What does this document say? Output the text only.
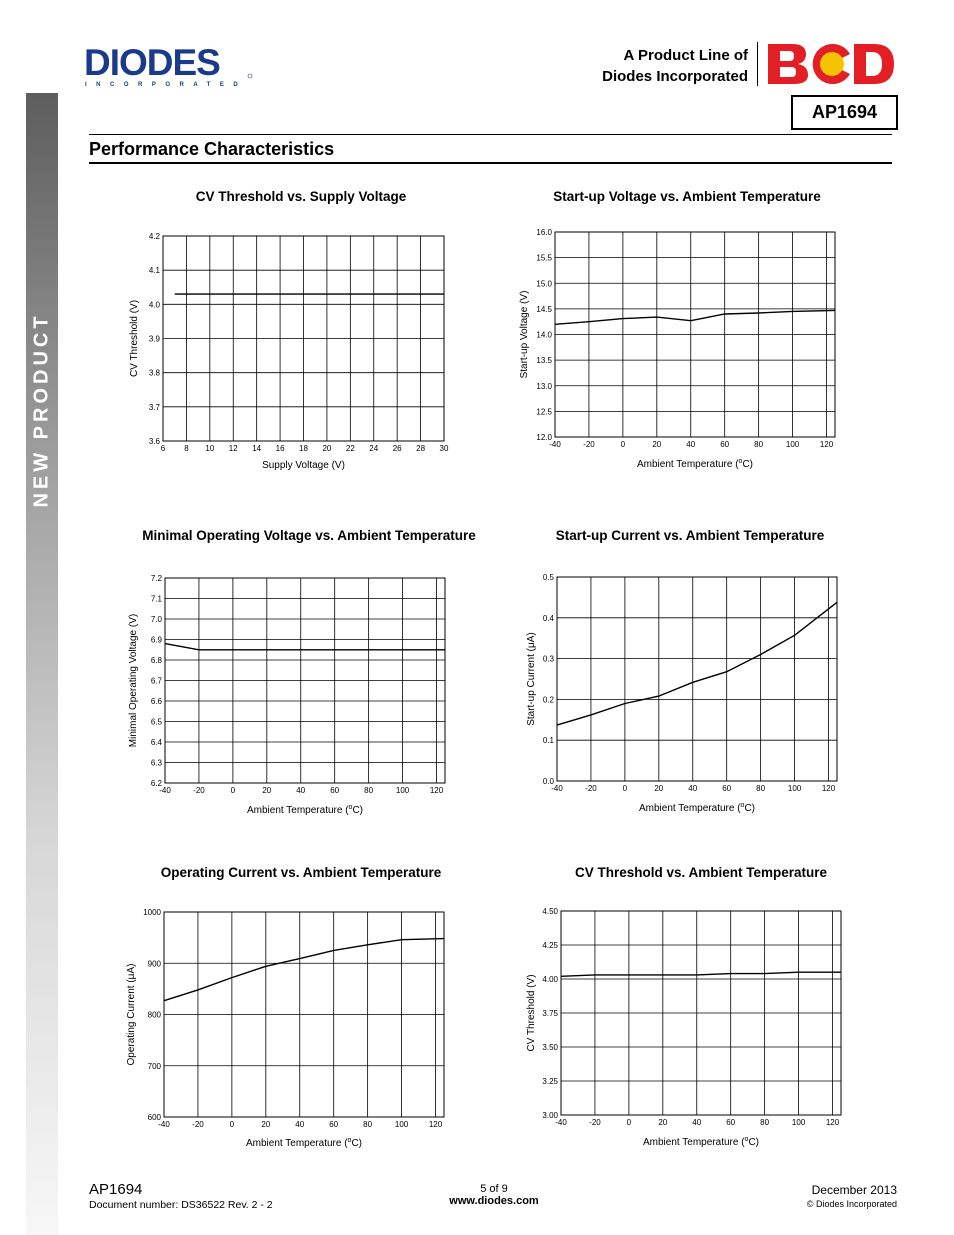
NEW PRODUCT
DIODES
INCORPORATED
A Product Line of
Diodes Incorporated
AP1694
Performance Characteristics
CV Threshold vs. Supply Voltage	Start-up Voltage vs. Ambient Temperature
Minimal Operating Voltage vs. Ambient Temperature	Start-up Current vs. Ambient Temperature
Operating Current vs. Ambient Temperature	CV Threshold vs. Ambient Temperature
6 8 10 12 14 16 18 20 22 24 26 28 30
3.6
3.7
3.8
3.9
4.0
4.1
4.2
Supply Voltage (V)
CV Threshold (V)
-40	-20	0	20	40	60	80	100	120
12.0
12.5
13.0
13.5
14.0
14.5
15.0
15.5
16.0
Ambient Temperature ($^o$C)
Start-up Voltage (V)
-40	-20	0	20	40	60	80	100	120
6.2
6.3
6.4
6.5
6.6
6.7
6.8
6.9
7.0
7.1
7.2
Ambient Temperature ($^o$C)
Minimal Operating Voltage (V)
-40	-20	0	20	40	60	80	100	120
0.0
0.1
0.2
0.3
0.4
0.5
Ambient Temperature ($^o$C)
Start-up Current (μA)
-40	-20	0	20	40	60	80	100	120
600
700
800
900
1000
Ambient Temperature ($^o$C)
Operating Current (μA)
-40	-20	0	20	40	60	80	100	120
3.00
3.25
3.50
3.75
4.00
4.25
4.50
Ambient Temperature ($^o$C)
CV Threshold (V)
AP1694
Document number: DS36522 Rev. 2 - 2
5 of 9
www.diodes.com
December 2013
© Diodes Incorporated
